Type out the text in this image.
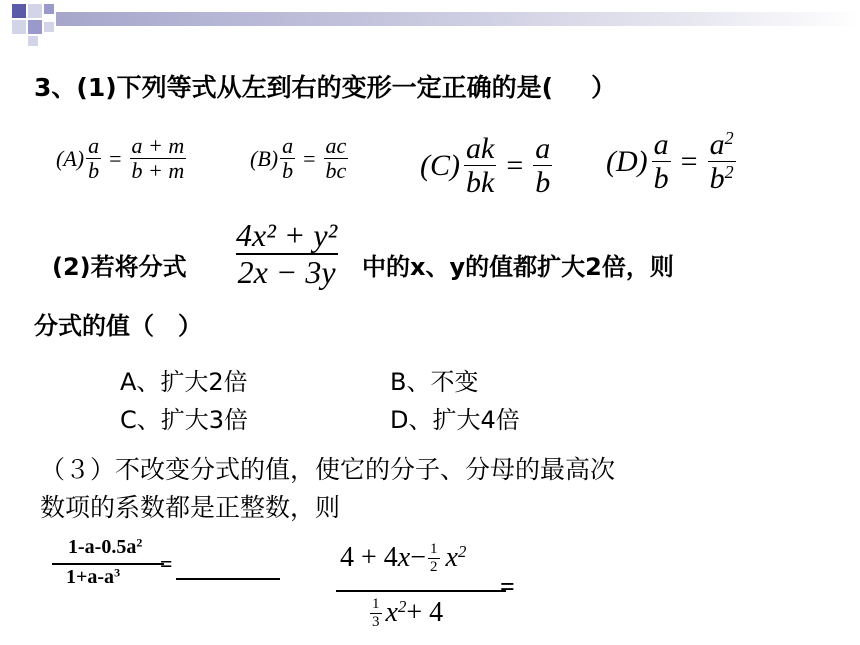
3、(1)下列等式从左到右的变形一定正确的是( ）
$(A) \frac{a}{b} = \frac{a + m}{b + m}$	$(B) \frac{a}{b} = \frac{ac}{bc} (C) \frac{ak}{bk} = \frac{a}{b} (D) \frac{a}{b} = \frac{a^2}{b^2}$
(2)若将分式 $\frac{\text{4x² + y²}}{2x - 3y}$ 中的x、y的值都扩大2倍，则
分式的值（　）
A、扩大2倍	B、不变
C、扩大3倍	D、扩大4倍
（３）不改变分式的值，使它的分子、分母的最高次
数项的系数都是正整数，则
$1-a-0.5a^2$
$1+a-a^3$ =	4 + 4 $x - \frac{1}{2} x^2$
=
$\frac{1}{3} x^2 + 4$
